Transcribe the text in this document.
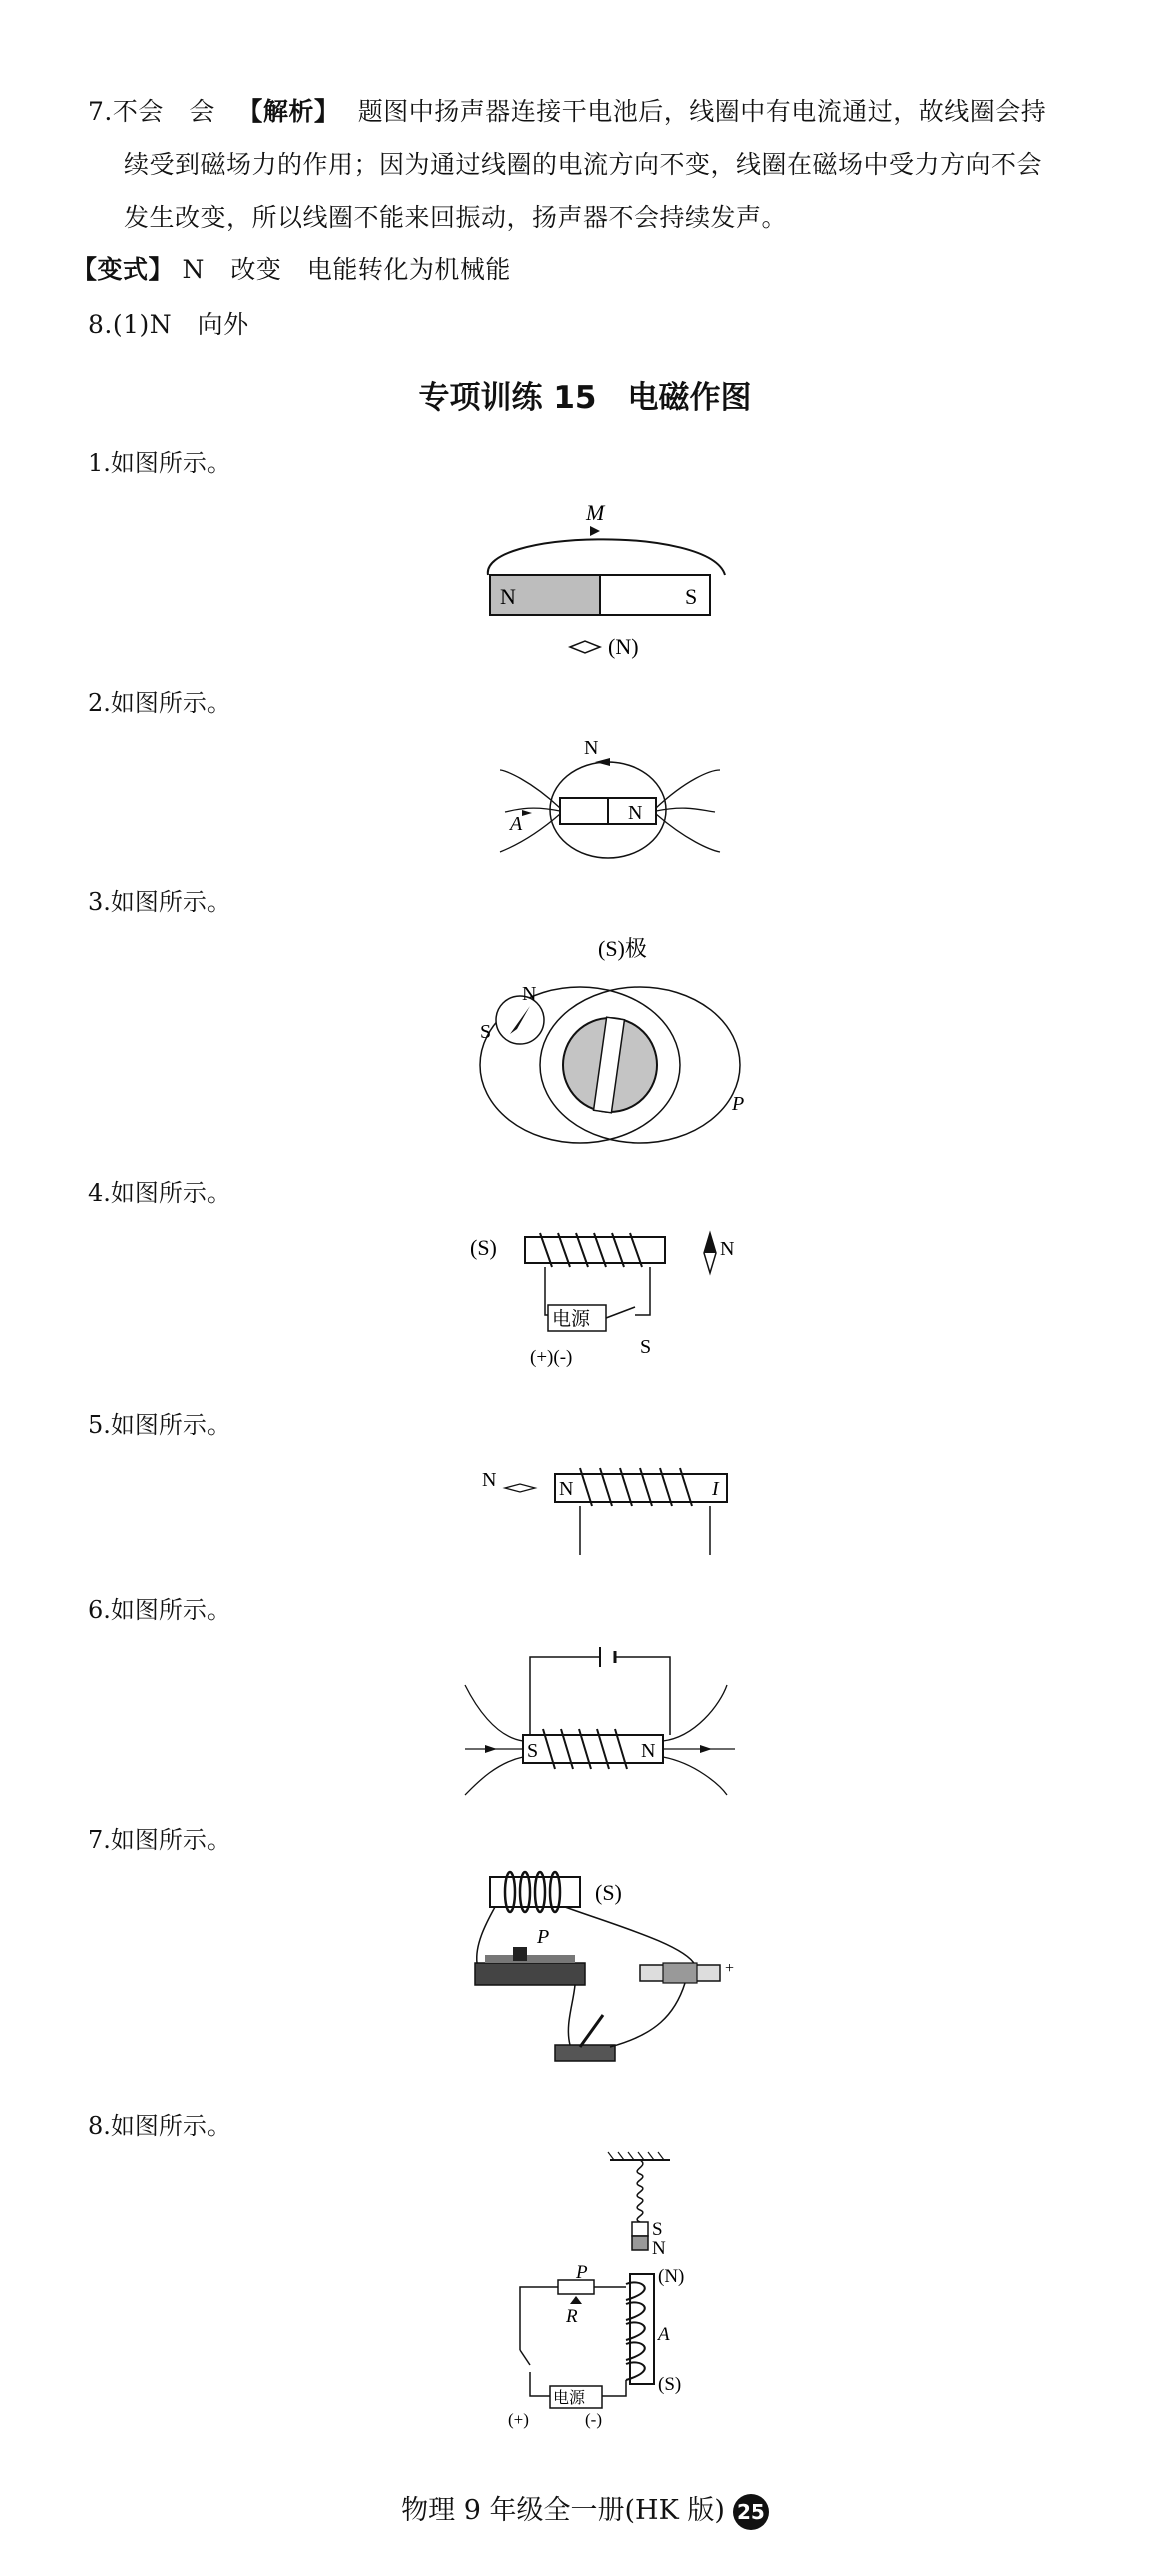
7.不会　会 【解析】 题图中扬声器连接干电池后，线圈中有电流通过，故线圈会持
续受到磁场力的作用；因为通过线圈的电流方向不变，线圈在磁场中受力方向不会
发生改变，所以线圈不能来回振动，扬声器不会持续发声。
【变式】 N　改变　电能转化为机械能
8.(1)N　向外
专项训练 15　电磁作图
1.如图所示。
2.如图所示。
3.如图所示。
4.如图所示。
5.如图所示。
6.如图所示。
7.如图所示。
8.如图所示。
M
N	S
(N)
A	N
N
(S)极
N
S
P
(S)
电源
S
(+)(-)
N
N	N	I
S	N
(S)
P
+
S
N
(N)
A
(S)
P
R
电源
(+)	(-)
物理 9 年级全一册(HK 版) 25
